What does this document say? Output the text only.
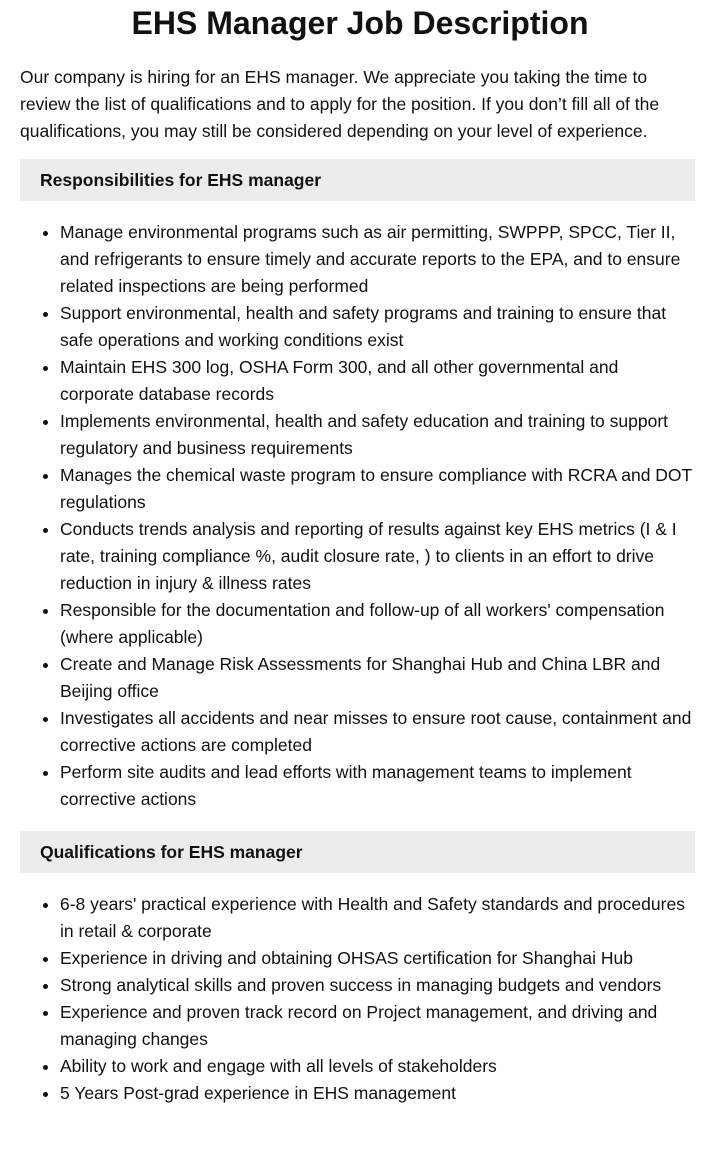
EHS Manager Job Description

Our company is hiring for an EHS manager. We appreciate you taking the time to review the list of qualifications and to apply for the position. If you don’t fill all of the qualifications, you may still be considered depending on your level of experience.

Responsibilities for EHS manager
• Manage environmental programs such as air permitting, SWPPP, SPCC, Tier II, and refrigerants to ensure timely and accurate reports to the EPA, and to ensure related inspections are being performed
• Support environmental, health and safety programs and training to ensure that safe operations and working conditions exist
• Maintain EHS 300 log, OSHA Form 300, and all other governmental and corporate database records
• Implements environmental, health and safety education and training to support regulatory and business requirements
• Manages the chemical waste program to ensure compliance with RCRA and DOT regulations
• Conducts trends analysis and reporting of results against key EHS metrics (I & I rate, training compliance %, audit closure rate, ) to clients in an effort to drive reduction in injury & illness rates
• Responsible for the documentation and follow-up of all workers' compensation (where applicable)
• Create and Manage Risk Assessments for Shanghai Hub and China LBR and Beijing office
• Investigates all accidents and near misses to ensure root cause, containment and corrective actions are completed
• Perform site audits and lead efforts with management teams to implement corrective actions
Qualifications for EHS manager
• 6-8 years' practical experience with Health and Safety standards and procedures in retail & corporate
• Experience in driving and obtaining OHSAS certification for Shanghai Hub
• Strong analytical skills and proven success in managing budgets and vendors
• Experience and proven track record on Project management, and driving and managing changes
• Ability to work and engage with all levels of stakeholders
• 5 Years Post-grad experience in EHS management
